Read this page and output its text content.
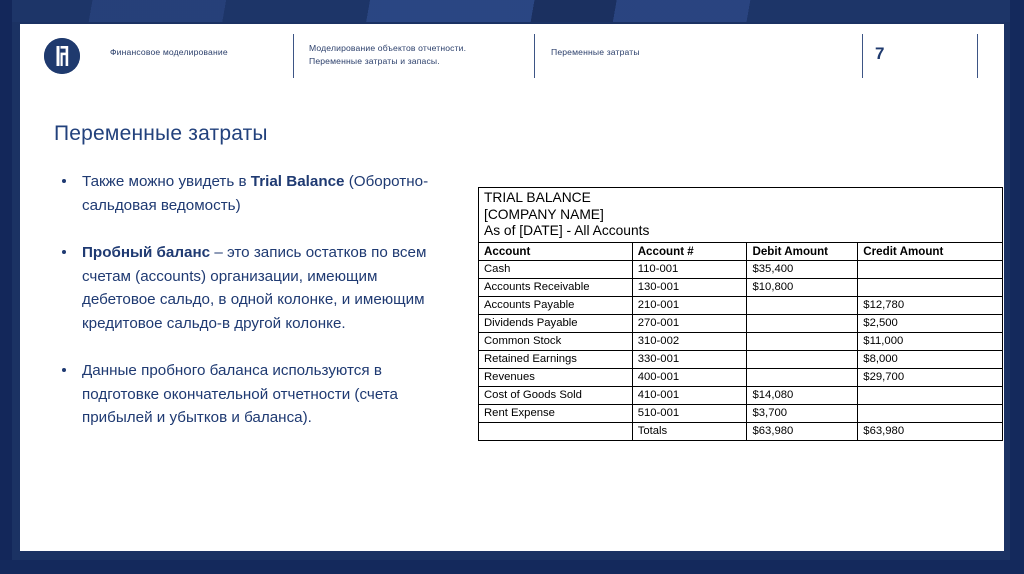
Финансовое моделирование	Моделирование объектов отчетности. Переменные затраты и запасы.
Переменные затраты	7
Переменные затраты
Также можно увидеть в Trial Balance (Оборотно-сальдовая ведомость)
Пробный баланс – это запись остатков по всем счетам (accounts) организации, имеющим дебетовое сальдо, в одной колонке, и имеющим кредитовое сальдо-в другой колонке.
Данные пробного баланса используются в подготовке окончательной отчетности (счета прибылей и убытков и баланса).
TRIAL BALANCE
[COMPANY NAME]
As of [DATE] - All Accounts			

Account	Account #	Debit Amount	Credit Amount
Cash	110-001	$35,400	
Accounts Receivable	130-001	$10,800	
Accounts Payable	210-001		$12,780
Dividends Payable	270-001		$2,500
Common Stock	310-002		$11,000
Retained Earnings	330-001		$8,000
Revenues	400-001		$29,700
Cost of Goods Sold	410-001	$14,080	
Rent Expense	510-001	$3,700	
	Totals	$63,980	$63,980
